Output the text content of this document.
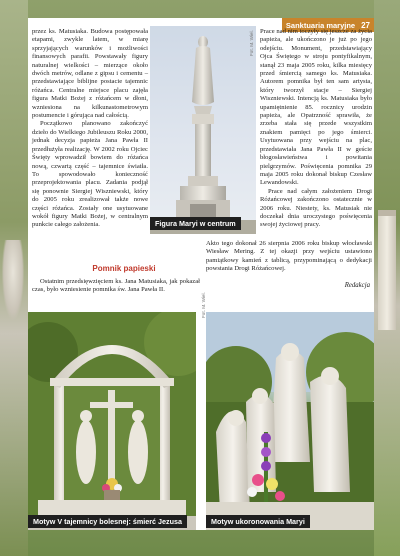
Sanktuaria maryjne 27

przez ks. Matusiaka. Budowa postępowała etapami, zwykle latem, w miarę sprzyjających warunków i możliwości finansowych parafii. Powstawały figury naturalnej wielkości – mierzące około dwóch metrów, odlane z gipsu i cementu – przedstawiające biblijne postacie tajemnic różańca. Centralne miejsce placu zajęła figura Matki Bożej z różańcem w dłoni, wzniesiona na kilkunastometrowym postumencie i górująca nad całością.

Początkowo planowano zakończyć dzieło do Wielkiego Jubileuszu Roku 2000, jednak decyzja papieża Jana Pawła II przedłużyła realizację. W 2002 roku Ojciec Święty wprowadził bowiem do różańca nową, czwartą część – tajemnice światła. To spowodowało konieczność przeprojektowania placu. Zadania podjął się ponownie Siergiej Wiszniewski, który do 2005 roku zrealizował także nowe części różańca. Zostały one usytuowane wokół figury Matki Bożej, w centralnym punkcie całego założenia.

Fot. M. Wiel.
Figura Maryi w centrum

Prace nad nim toczyły się jeszcze za życia papieża, ale ukończono je już po jego odejściu. Monument, przedstawiający Ojca Świętego w stroju pontyfikalnym, stanął 23 maja 2005 roku, kilka miesięcy przed śmiercią samego ks. Matusiaka. Autorem pomnika był ten sam artysta, który tworzył stacje – Siergiej Wiszniewski. Intencją ks. Matusiaka było upamiętnienie 85. rocznicy urodzin papieża, ale Opatrzność sprawiła, że zrzeba stała się przede wszystkim znakiem pamięci po jego śmierci. Usytuowana przy wejściu na plac, przedstawiała Jana Pawła II w geście błogosławieństwa i powitania pielgrzymów. Poświęcenia pomnika 29 maja 2005 roku dokonał biskup Czesław Lewandowski.

Prace nad całym założeniem Drogi Różańcowej zakończono ostatecznie w 2006 roku. Niestety, ks. Matusiak nie doczekał dnia uroczystego poświęcenia swojej życiowej pracy.

Akto tego dokonał 26 sierpnia 2006 roku biskup włocławski Wiesław Mering. Z tej okazji przy wejściu ustawiono pamiątkowy kamień z tablicą, przypominającą o dedykacji powstania Drogi Różańcowej.
Pomnik papieski

Ostatnim przedsięwzięciem ks. Jana Matusiaka, jak pokazał czas, było wzniesienie pomnika św. Jana Pawła II.

Redakcja
Motyw V tajemnicy bolesnej: śmierć Jezusa	Motyw ukoronowania Maryi
Fot. M. Wiel.
